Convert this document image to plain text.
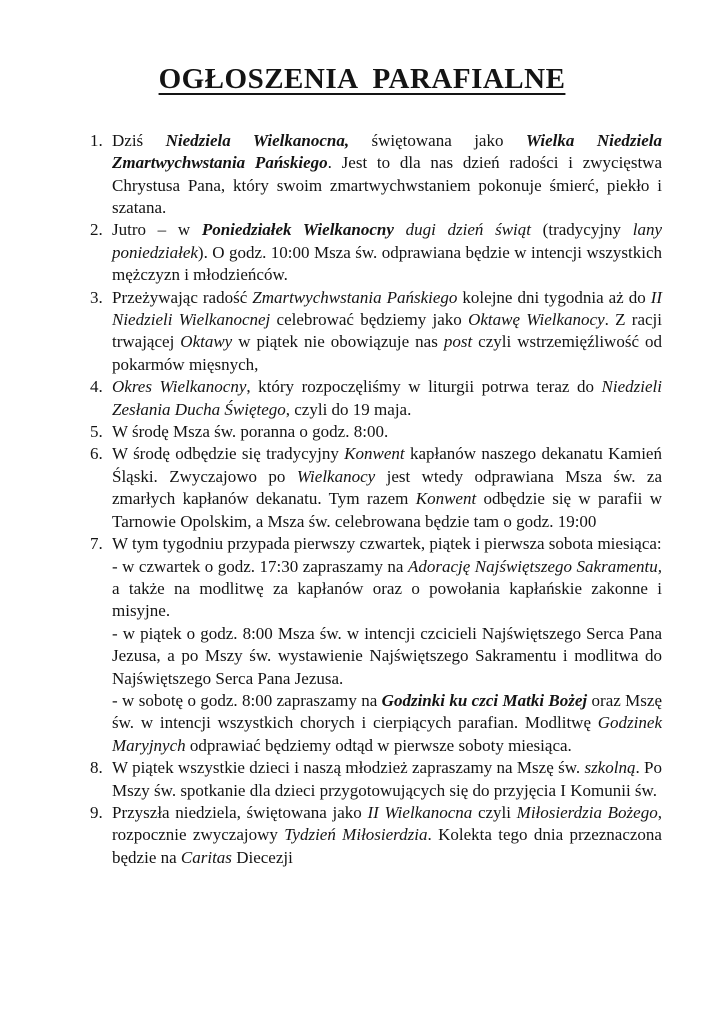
OGŁOSZENIA  PARAFIALNE
1. Dziś Niedziela Wielkanocna, świętowana jako Wielka Niedziela Zmartwychwstania Pańskiego. Jest to dla nas dzień radości i zwycięstwa Chrystusa Pana, który swoim zmartwychwstaniem pokonuje śmierć, piekło i szatana.
2. Jutro – w Poniedziałek Wielkanocny dugi dzień świąt (tradycyjny lany poniedziałek). O godz. 10:00 Msza św. odprawiana będzie w intencji wszystkich mężczyzn i młodzieńców.
3. Przeżywając radość Zmartwychwstania Pańskiego kolejne dni tygodnia aż do II Niedzieli Wielkanocnej celebrować będziemy jako Oktawę Wielkanocy. Z racji trwającej Oktawy w piątek nie obowiązuje nas post czyli wstrzemięźliwość od pokarmów mięsnych,
4. Okres Wielkanocny, który rozpoczęliśmy w liturgii potrwa teraz do Niedzieli Zesłania Ducha Świętego, czyli do 19 maja.
5. W środę Msza św. poranna o godz. 8:00.
6. W środę odbędzie się tradycyjny Konwent kapłanów naszego dekanatu Kamień Śląski. Zwyczajowo po Wielkanocy jest wtedy odprawiana Msza św. za zmarłych kapłanów dekanatu. Tym razem Konwent odbędzie się w parafii w Tarnowie Opolskim, a Msza św. celebrowana będzie tam o godz. 19:00
7. W tym tygodniu przypada pierwszy czwartek, piątek i pierwsza sobota miesiąca:
- w czwartek o godz. 17:30 zapraszamy na Adorację Najświętszego Sakramentu, a także na modlitwę za kapłanów oraz o powołania kapłańskie zakonne i misyjne.
- w piątek o godz. 8:00 Msza św. w intencji czcicieli Najświętszego Serca Pana Jezusa, a po Mszy św. wystawienie Najświętszego Sakramentu i modlitwa do Najświętszego Serca Pana Jezusa.
- w sobotę o godz. 8:00 zapraszamy na Godzinki ku czci Matki Bożej oraz Mszę św. w intencji wszystkich chorych i cierpiących parafian. Modlitwę Godzinek Maryjnych odprawiać będziemy odtąd w pierwsze soboty miesiąca.
8. W piątek wszystkie dzieci i naszą młodzież zapraszamy na Mszę św. szkolną. Po Mszy św. spotkanie dla dzieci przygotowujących się do przyjęcia I Komunii św.
9. Przyszła niedziela, świętowana jako II Wielkanocna czyli Miłosierdzia Bożego, rozpocznie zwyczajowy Tydzień Miłosierdzia. Kolekta tego dnia przeznaczona będzie na Caritas Diecezji
